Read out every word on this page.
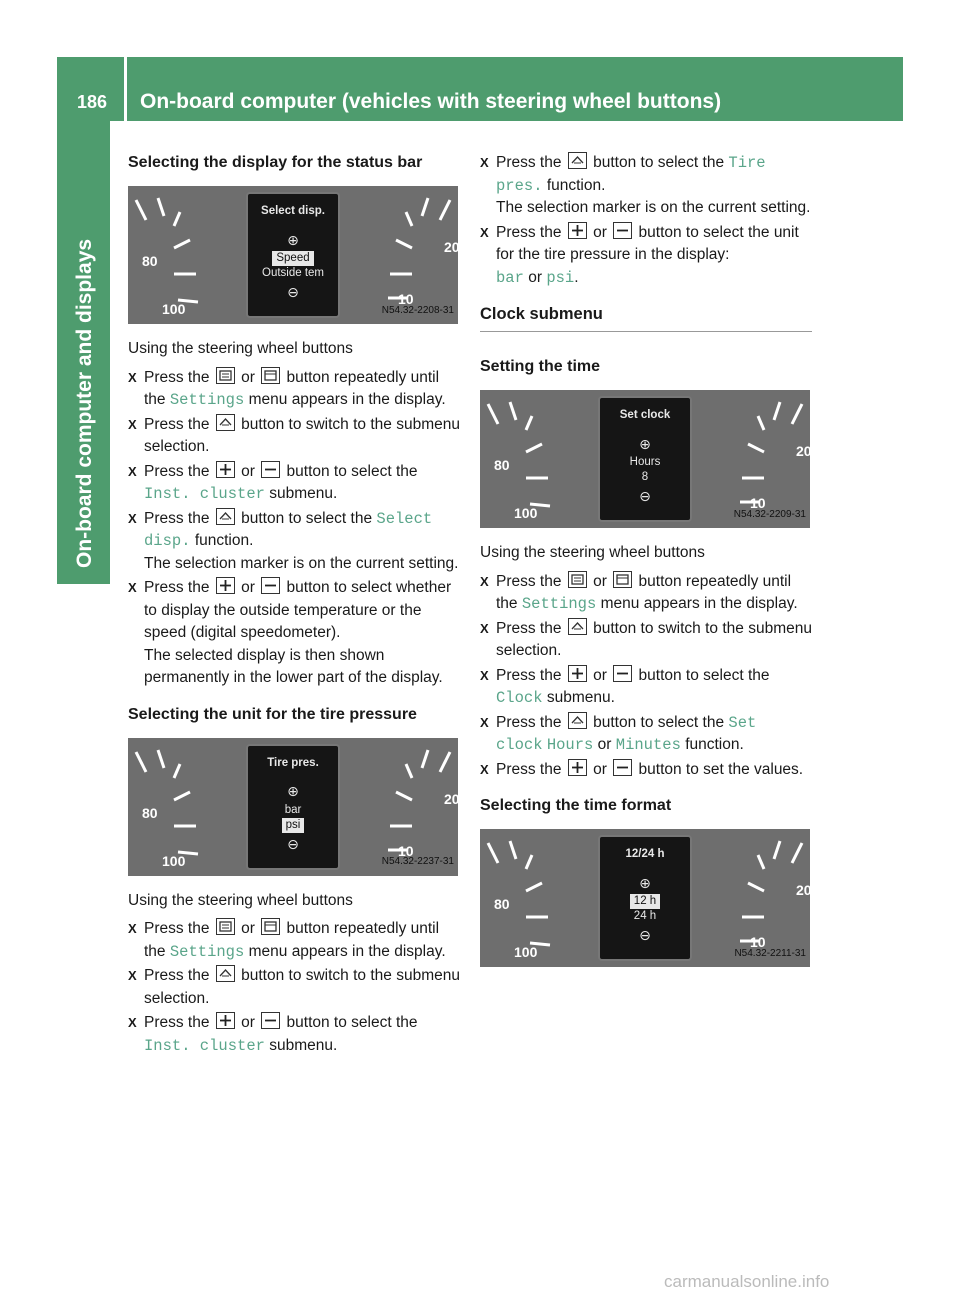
186	On-board computer (vehicles with steering wheel buttons)
On-board computer and displays
Selecting the display for the status bar
80
100
20
10
Select disp.
⊕
Speed
Outside tem
⊖
N54.32-2208-31

Using the steering wheel buttons

X Press the or button repeatedly until the Settings menu appears in the display.
X Press the button to switch to the submenu selection.
X Press the or button to select the Inst. cluster submenu.
X Press the button to select the Select disp. function.
The selection marker is on the current setting.
X Press the or button to select whether to display the outside temperature or the speed (digital speedometer).
The selected display is then shown permanently in the lower part of the display.
Selecting the unit for the tire pressure
80
100
20
10
Tire pres.
⊕
bar
psi
⊖
N54.32-2237-31

Using the steering wheel buttons

X Press the or button repeatedly until the Settings menu appears in the display.
X Press the button to switch to the submenu selection.
X Press the or button to select the Inst. cluster submenu.
X Press the button to select the Tire pres. function.
The selection marker is on the current setting.
X Press the or button to select the unit for the tire pressure in the display:
bar or psi.
Clock submenu
Setting the time
80
100
20
10
Set clock
⊕
Hours
8
⊖
N54.32-2209-31

Using the steering wheel buttons

X Press the or button repeatedly until the Settings menu appears in the display.
X Press the button to switch to the submenu selection.
X Press the or button to select the Clock submenu.
X Press the button to select the Set clock Hours or Minutes function.
X Press the or button to set the values.
Selecting the time format
80
100
20
10
12/24 h
⊕
12 h
24 h
⊖
N54.32-2211-31
carmanualsonline.info
